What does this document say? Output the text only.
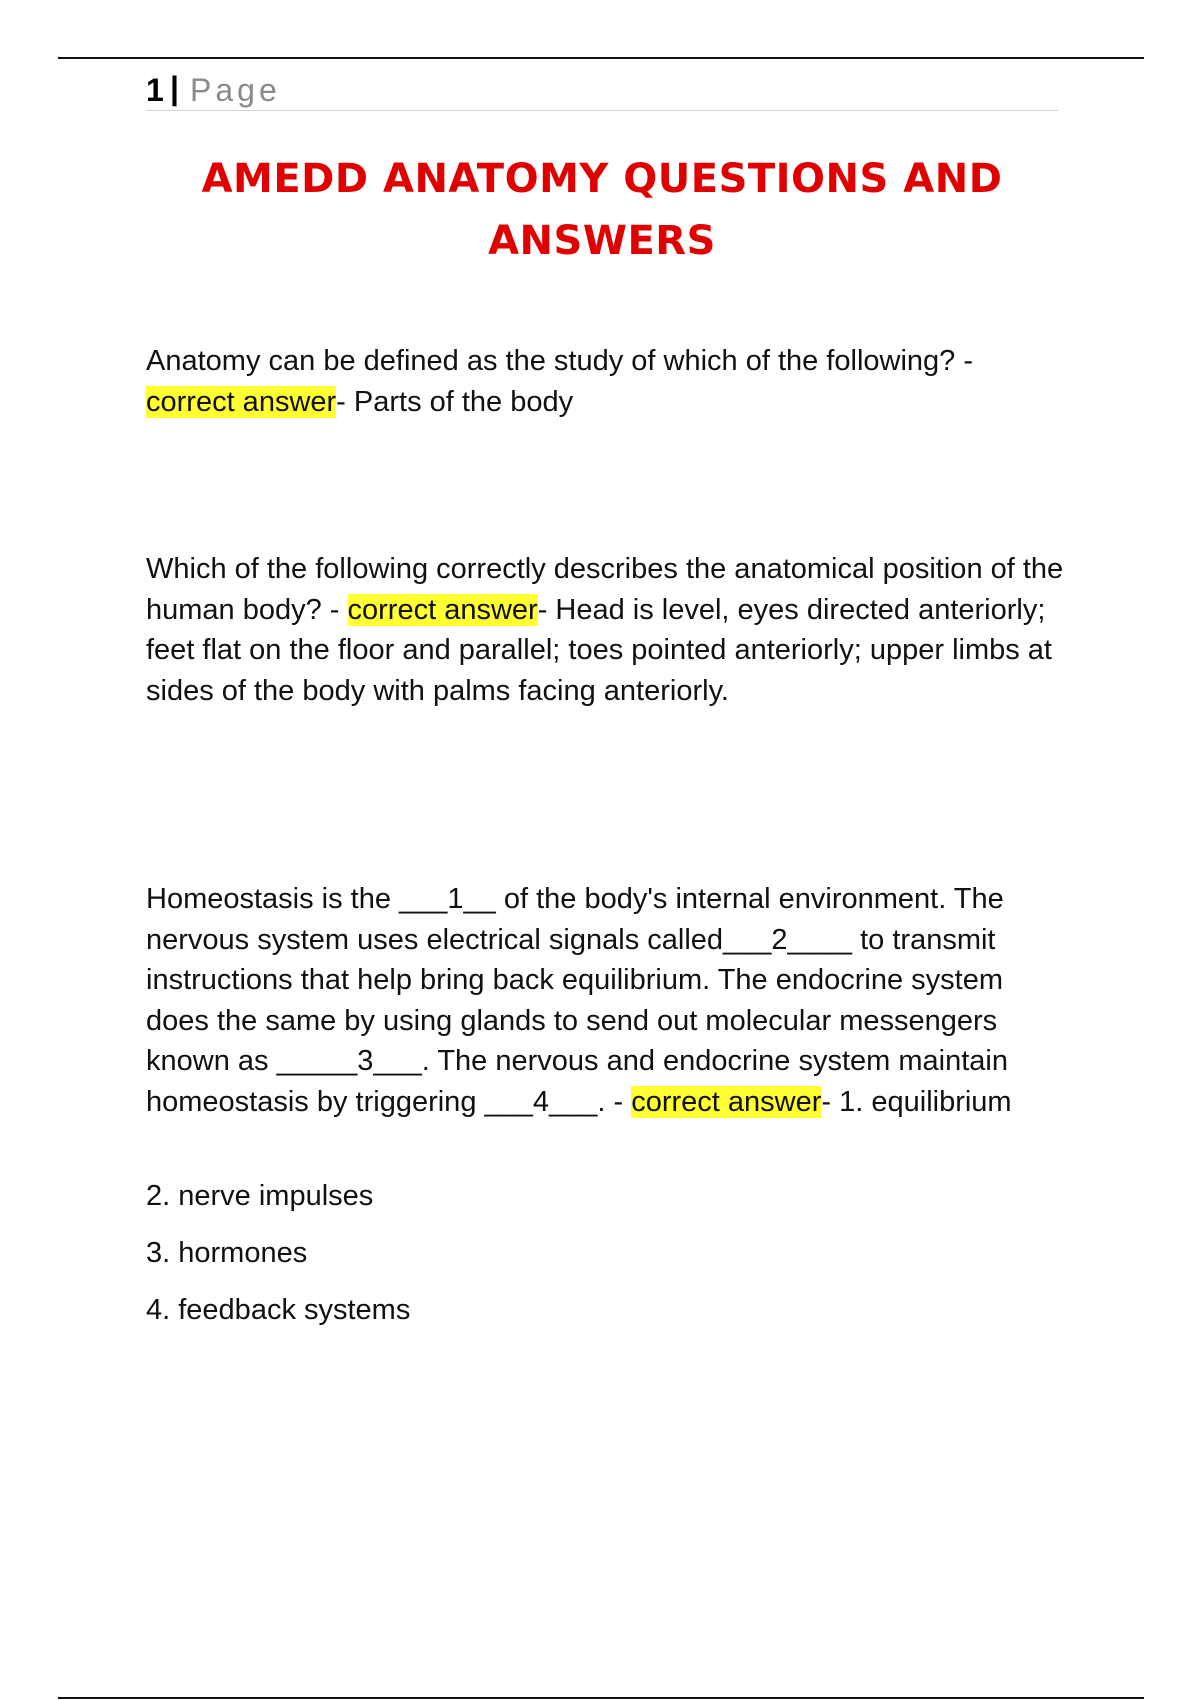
1 | Page
AMEDD ANATOMY QUESTIONS AND ANSWERS
Anatomy can be defined as the study of which of the following? - correct answer- Parts of the body
Which of the following correctly describes the anatomical position of the human body? - correct answer- Head is level, eyes directed anteriorly; feet flat on the floor and parallel; toes pointed anteriorly; upper limbs at sides of the body with palms facing anteriorly.
Homeostasis is the ___1__ of the body's internal environment. The nervous system uses electrical signals called___2____ to transmit instructions that help bring back equilibrium. The endocrine system does the same by using glands to send out molecular messengers known as _____3___. The nervous and endocrine system maintain homeostasis by triggering ___4___. - correct answer- 1. equilibrium
2. nerve impulses
3. hormones
4. feedback systems
